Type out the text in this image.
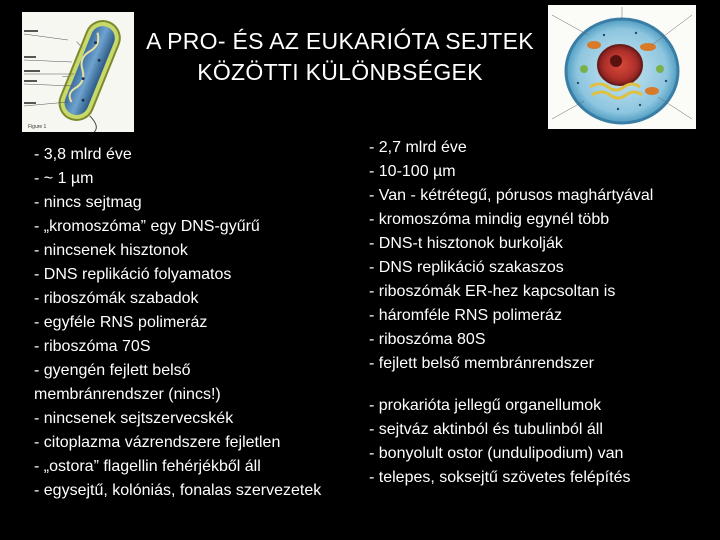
A PRO- ÉS AZ EUKARIÓTA SEJTEK
KÖZÖTTI KÜLÖNBSÉGEK
Figure 1
- 3,8 mlrd éve
- ~ 1 µm
- nincs sejtmag
- „kromoszóma” egy DNS-gyűrű
- nincsenek hisztonok
- DNS replikáció folyamatos
- riboszómák szabadok
- egyféle RNS polimeráz
- riboszóma 70S
- gyengén fejlett belső
membránrendszer (nincs!)
- nincsenek sejtszervecskék
- citoplazma vázrendszere fejletlen
- „ostora” flagellin fehérjékből áll
- egysejtű, kolóniás, fonalas szervezetek
- 2,7 mlrd éve
- 10-100 µm
- Van - kétrétegű, pórusos maghártyával
- kromoszóma mindig egynél több
- DNS-t hisztonok burkolják
- DNS replikáció szakaszos
- riboszómák ER-hez kapcsoltan is
- háromféle RNS polimeráz
- riboszóma 80S
- fejlett belső membránrendszer
- prokarióta jellegű organellumok
- sejtváz aktinból és tubulinból áll
- bonyolult ostor (undulipodium) van
- telepes, soksejtű szövetes felépítés
